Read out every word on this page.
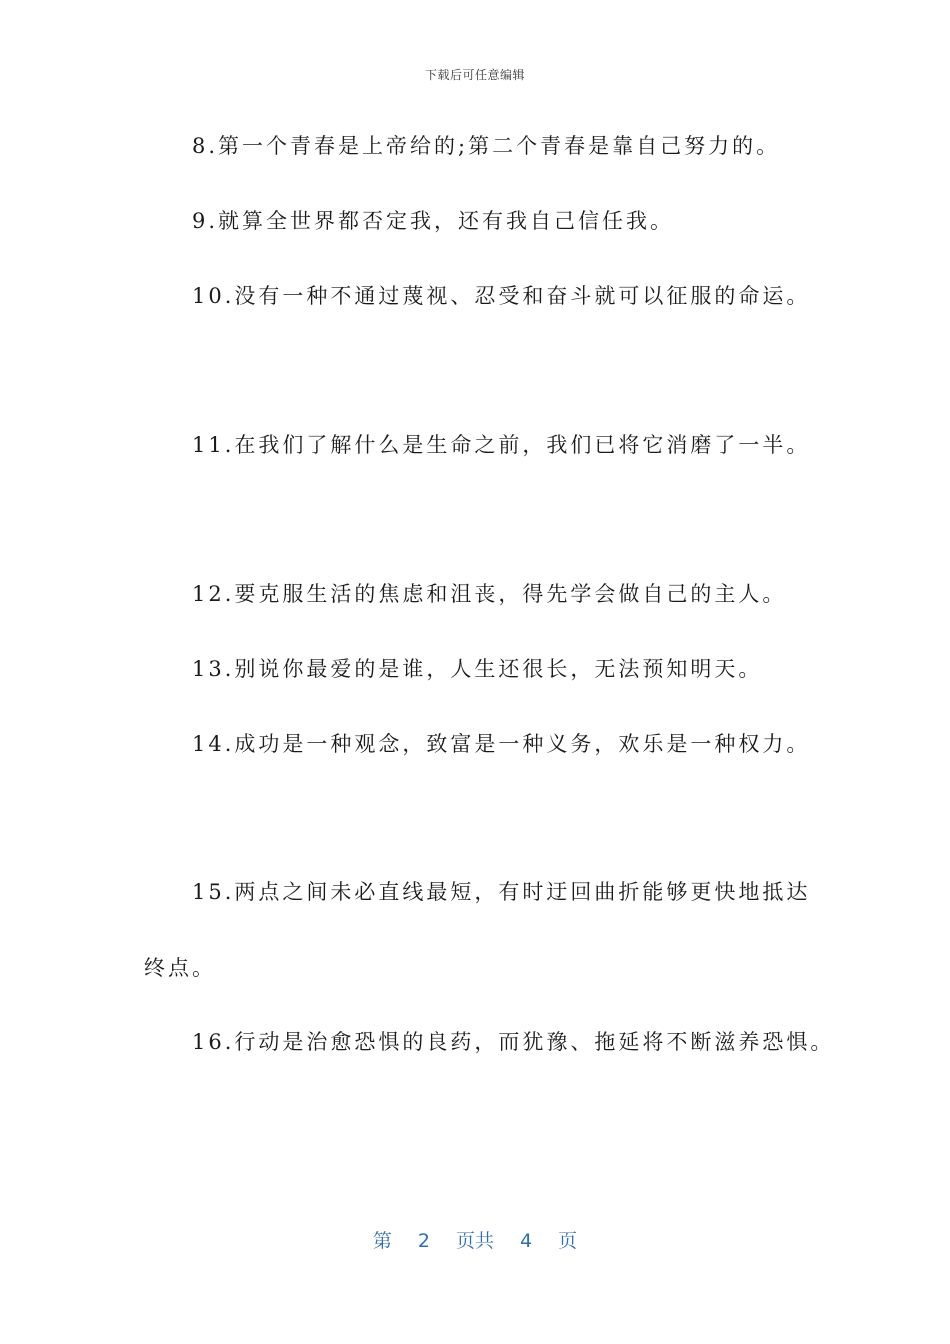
下载后可任意编辑
8.第一个青春是上帝给的;第二个青春是靠自己努力的。
9.就算全世界都否定我，还有我自己信任我。
10.没有一种不通过蔑视、忍受和奋斗就可以征服的命运。
11.在我们了解什么是生命之前，我们已将它消磨了一半。
12.要克服生活的焦虑和沮丧，得先学会做自己的主人。
13.别说你最爱的是谁，人生还很长，无法预知明天。
14.成功是一种观念，致富是一种义务，欢乐是一种权力。
15.两点之间未必直线最短，有时迂回曲折能够更快地抵达
终点。
16.行动是治愈恐惧的良药，而犹豫、拖延将不断滋养恐惧。
第 2 页共 4 页
